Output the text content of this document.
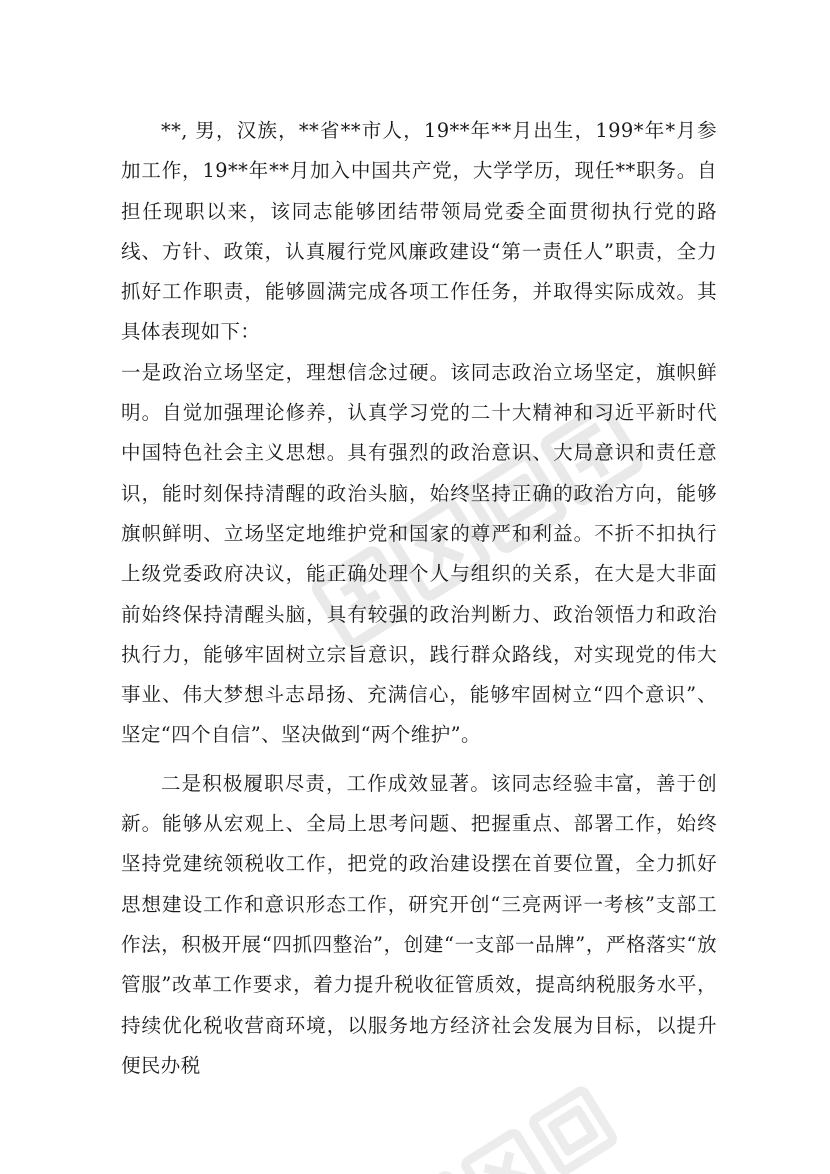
**, 男，汉族，**省**市人，19**年**月出生，199*年*月参加工作，19**年**月加入中国共产党，大学学历，现任**职务。自担任现职以来，该同志能够团结带领局党委全面贯彻执行党的路线、方针、政策，认真履行党风廉政建设“第一责任人”职责，全力抓好工作职责，能够圆满完成各项工作任务，并取得实际成效。其具体表现如下：

一是政治立场坚定，理想信念过硬。该同志政治立场坚定，旗帜鲜明。自觉加强理论修养，认真学习党的二十大精神和习近平新时代中国特色社会主义思想。具有强烈的政治意识、大局意识和责任意识，能时刻保持清醒的政治头脑，始终坚持正确的政治方向，能够旗帜鲜明、立场坚定地维护党和国家的尊严和利益。不折不扣执行上级党委政府决议，能正确处理个人与组织的关系，在大是大非面前始终保持清醒头脑，具有较强的政治判断力、政治领悟力和政治执行力，能够牢固树立宗旨意识，践行群众路线，对实现党的伟大事业、伟大梦想斗志昂扬、充满信心，能够牢固树立“四个意识”、坚定“四个自信”、坚决做到“两个维护”。

二是积极履职尽责，工作成效显著。该同志经验丰富，善于创新。能够从宏观上、全局上思考问题、把握重点、部署工作，始终坚持党建统领税收工作，把党的政治建设摆在首要位置，全力抓好思想建设工作和意识形态工作，研究开创“三亮两评一考核”支部工作法，积极开展“四抓四整治”，创建“一支部一品牌”，严格落实“放管服”改革工作要求，着力提升税收征管质效，提高纳税服务水平，持续优化税收营商环境，以服务地方经济社会发展为目标，以提升便民办税
